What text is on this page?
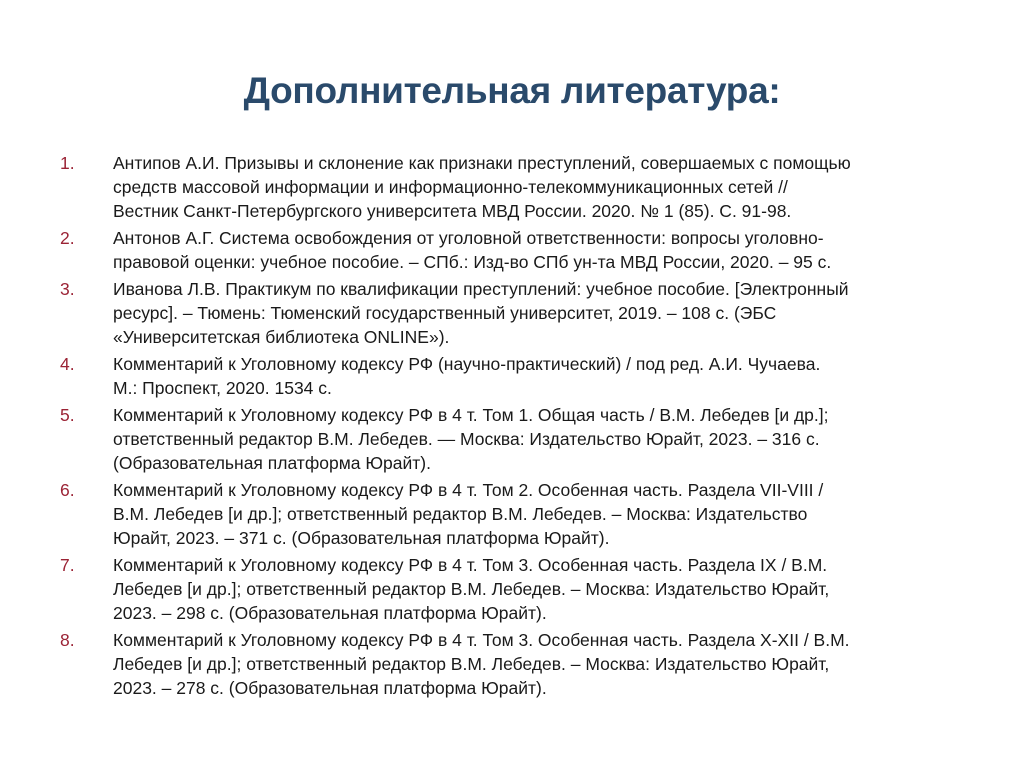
Дополнительная литература:
1. Антипов А.И. Призывы и склонение как признаки преступлений, совершаемых с помощью
средств массовой информации и информационно-телекоммуникационных сетей //
Вестник Санкт-Петербургского университета МВД России. 2020. № 1 (85). С. 91-98.
2. Антонов А.Г. Система освобождения от уголовной ответственности: вопросы уголовно-
правовой оценки: учебное пособие. – СПб.: Изд-во СПб ун-та МВД России, 2020. – 95 с.
3. Иванова Л.В. Практикум по квалификации преступлений: учебное пособие. [Электронный
ресурс]. – Тюмень: Тюменский государственный университет, 2019. – 108 с. (ЭБС
«Университетская библиотека ONLINE»).
4. Комментарий к Уголовному кодексу РФ (научно-практический) / под ред. А.И. Чучаева.
М.: Проспект, 2020. 1534 с.
5. Комментарий к Уголовному кодексу РФ в 4 т. Том 1. Общая часть / В.М. Лебедев [и др.];
ответственный редактор В.М. Лебедев. — Москва: Издательство Юрайт, 2023. – 316 с.
(Образовательная платформа Юрайт).
6. Комментарий к Уголовному кодексу РФ в 4 т. Том 2. Особенная часть. Раздела VII-VIII /
В.М. Лебедев [и др.]; ответственный редактор В.М. Лебедев. – Москва: Издательство
Юрайт, 2023. – 371 с. (Образовательная платформа Юрайт).
7. Комментарий к Уголовному кодексу РФ в 4 т. Том 3. Особенная часть. Раздела IX / В.М.
Лебедев [и др.]; ответственный редактор В.М. Лебедев. – Москва: Издательство Юрайт,
2023. – 298 с. (Образовательная платформа Юрайт).
8. Комментарий к Уголовному кодексу РФ в 4 т. Том 3. Особенная часть. Раздела X-XII / В.М.
Лебедев [и др.]; ответственный редактор В.М. Лебедев. – Москва: Издательство Юрайт,
2023. – 278 с. (Образовательная платформа Юрайт).
